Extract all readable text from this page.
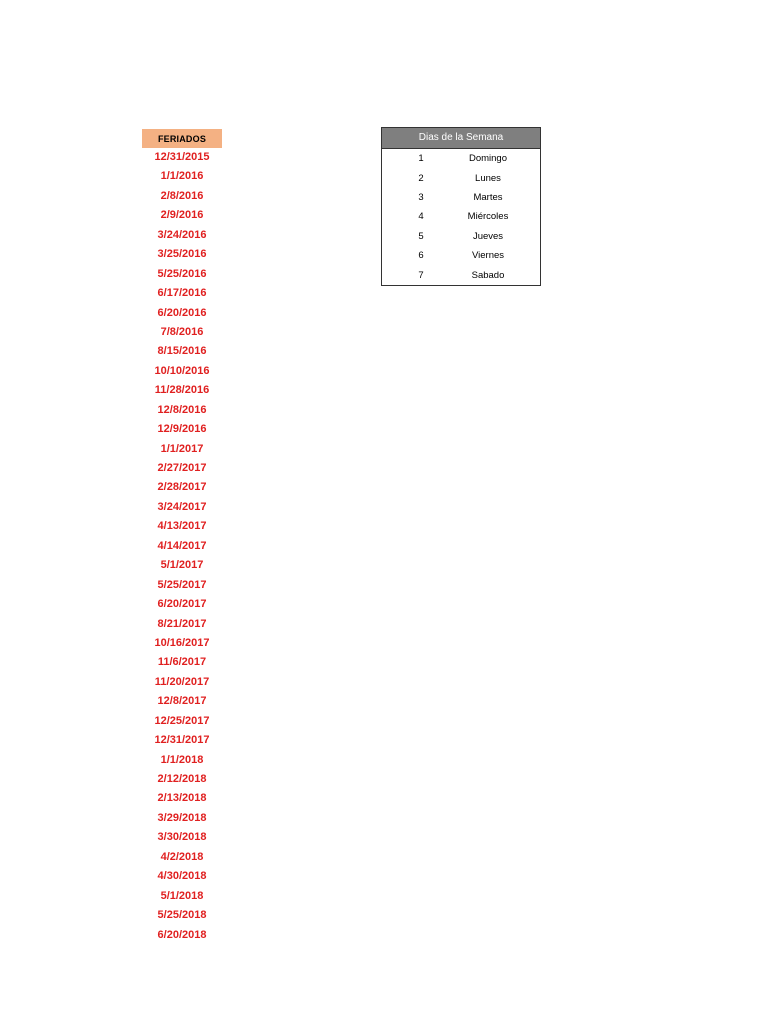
FERIADOS
12/31/2015
1/1/2016
2/8/2016
2/9/2016
3/24/2016
3/25/2016
5/25/2016
6/17/2016
6/20/2016
7/8/2016
8/15/2016
10/10/2016
11/28/2016
12/8/2016
12/9/2016
1/1/2017
2/27/2017
2/28/2017
3/24/2017
4/13/2017
4/14/2017
5/1/2017
5/25/2017
6/20/2017
8/21/2017
10/16/2017
11/6/2017
11/20/2017
12/8/2017
12/25/2017
12/31/2017
1/1/2018
2/12/2018
2/13/2018
3/29/2018
3/30/2018
4/2/2018
4/30/2018
5/1/2018
5/25/2018
6/20/2018
Dias de la Semana
1	Domingo
2	Lunes
3	Martes
4	Miércoles
5	Jueves
6	Viernes
7	Sabado
